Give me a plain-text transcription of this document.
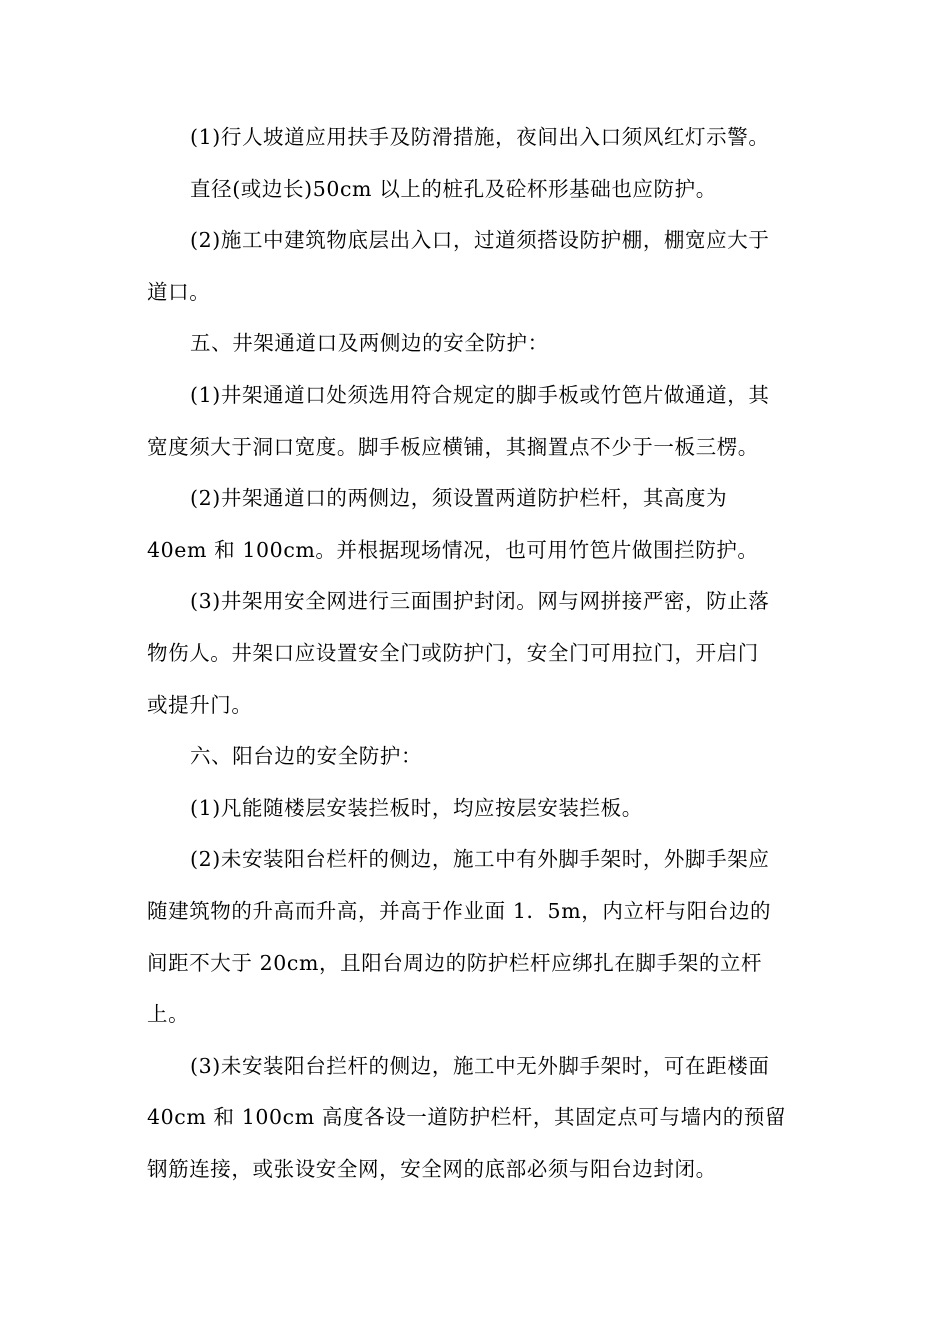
(1)行人坡道应用扶手及防滑措施，夜间出入口须风红灯示警。

直径(或边长)50cm 以上的桩孔及砼杯形基础也应防护。

(2)施工中建筑物底层出入口，过道须搭设防护棚，棚宽应大于
道口。

五、井架通道口及两侧边的安全防护：

(1)井架通道口处须选用符合规定的脚手板或竹笆片做通道，其
宽度须大于洞口宽度。脚手板应横铺，其搁置点不少于一板三楞。

(2)井架通道口的两侧边，须设置两道防护栏杆，其高度为
40em 和 100cm。并根据现场情况，也可用竹笆片做围拦防护。

(3)井架用安全网进行三面围护封闭。网与网拼接严密，防止落
物伤人。井架口应设置安全门或防护门，安全门可用拉门，开启门
或提升门。

六、阳台边的安全防护：

(1)凡能随楼层安装拦板时，均应按层安装拦板。

(2)未安装阳台栏杆的侧边，施工中有外脚手架时，外脚手架应
随建筑物的升高而升高，并高于作业面 1．5m，内立杆与阳台边的
间距不大于 20cm，且阳台周边的防护栏杆应绑扎在脚手架的立杆
上。

(3)未安装阳台拦杆的侧边，施工中无外脚手架时，可在距楼面
40cm 和 100cm 高度各设一道防护栏杆，其固定点可与墙内的预留
钢筋连接，或张设安全网，安全网的底部必须与阳台边封闭。
